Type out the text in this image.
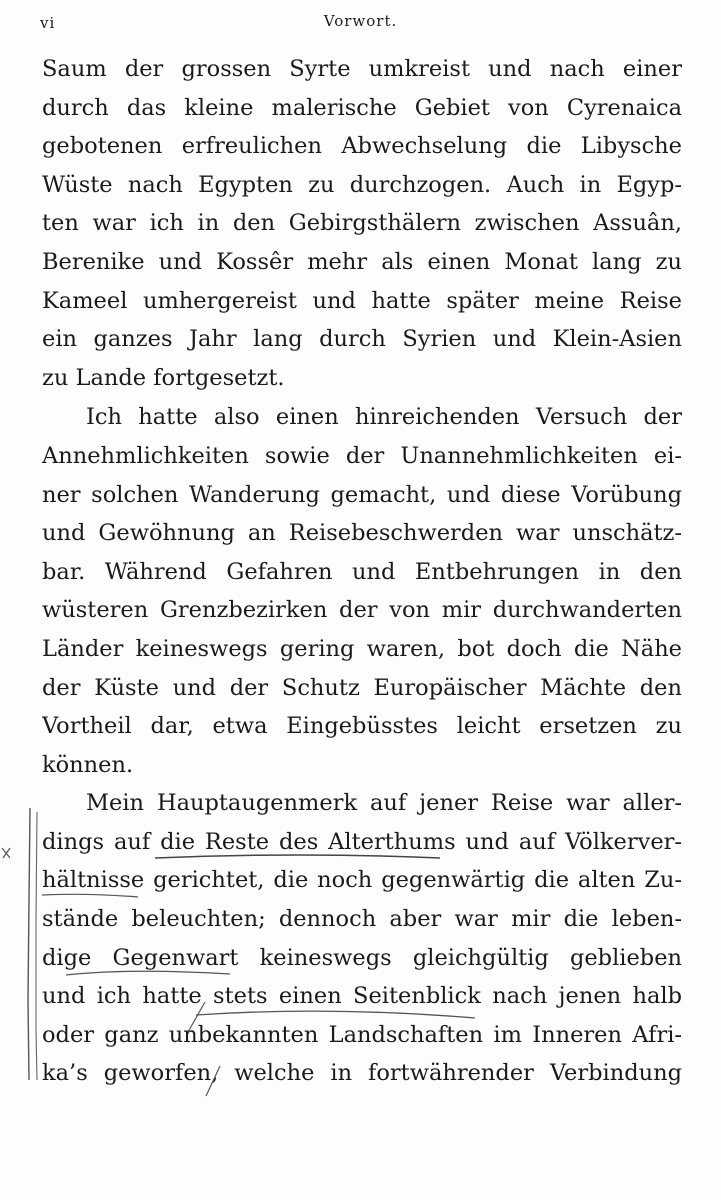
vi	Vorwort.
Saum der grossen Syrte umkreist und nach einer
durch das kleine malerische Gebiet von Cyrenaica
gebotenen erfreulichen Abwechselung die Libysche
Wüste nach Egypten zu durchzogen. Auch in Egyp-
ten war ich in den Gebirgsthälern zwischen Assuân,
Berenike und Kossêr mehr als einen Monat lang zu
Kameel umhergereist und hatte später meine Reise
ein ganzes Jahr lang durch Syrien und Klein-Asien
zu Lande fortgesetzt.
Ich hatte also einen hinreichenden Versuch der
Annehmlichkeiten sowie der Unannehmlichkeiten ei-
ner solchen Wanderung gemacht, und diese Vorübung
und Gewöhnung an Reisebeschwerden war unschätz-
bar. Während Gefahren und Entbehrungen in den
wüsteren Grenzbezirken der von mir durchwanderten
Länder keineswegs gering waren, bot doch die Nähe
der Küste und der Schutz Europäischer Mächte den
Vortheil dar, etwa Eingebüsstes leicht ersetzen zu
können.
Mein Hauptaugenmerk auf jener Reise war aller-
dings auf die Reste des Alterthums und auf Völkerver-
hältnisse gerichtet, die noch gegenwärtig die alten Zu-
stände beleuchten; dennoch aber war mir die leben-
dige Gegenwart keineswegs gleichgültig geblieben
und ich hatte stets einen Seitenblick nach jenen halb
oder ganz unbekannten Landschaften im Inneren Afri-
ka’s geworfen, welche in fortwährender Verbindung
